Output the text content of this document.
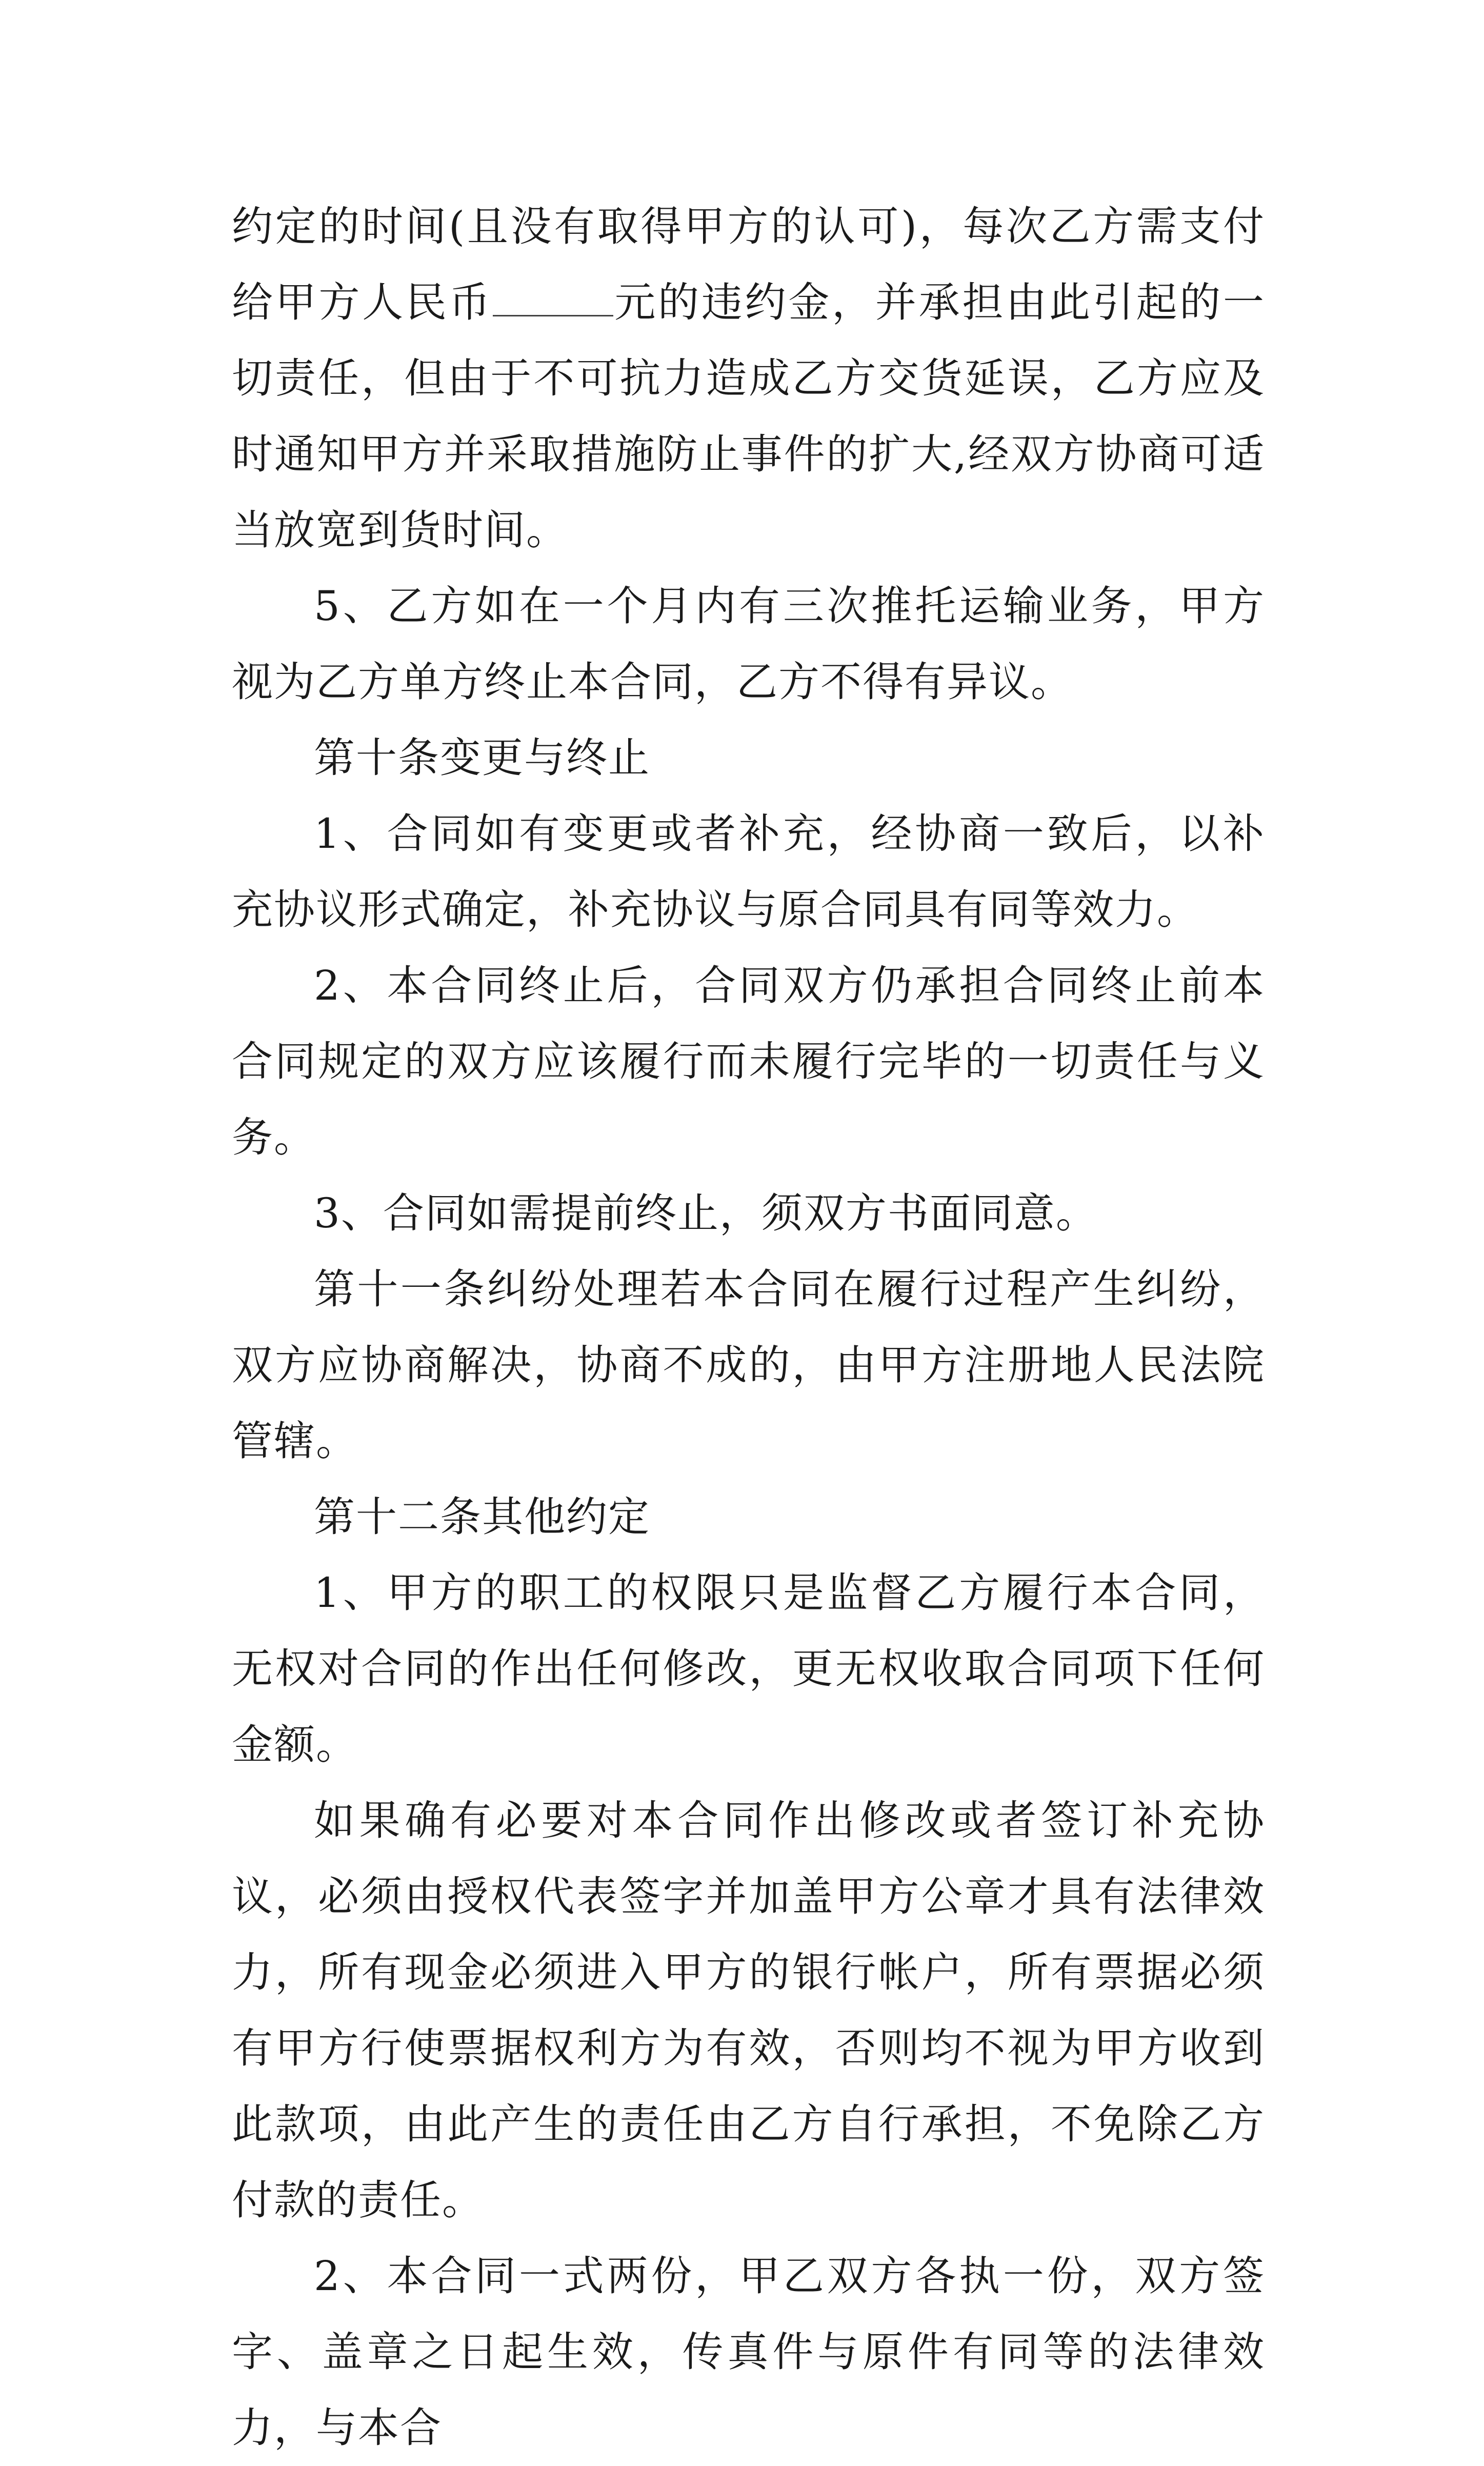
约定的时间(且没有取得甲方的认可)，每次乙方需支付给甲方人民币	元的违约金，并承担由此引起的一切责任，但由于不可抗力造成乙方交货延误，乙方应及时通知甲方并采取措施防止事件的扩大,经双方协商可适当放宽到货时间。

5、乙方如在一个月内有三次推托运输业务，甲方视为乙方单方终止本合同，乙方不得有异议。

第十条变更与终止

1、合同如有变更或者补充，经协商一致后，以补充协议形式确定，补充协议与原合同具有同等效力。

2、本合同终止后，合同双方仍承担合同终止前本合同规定的双方应该履行而未履行完毕的一切责任与义务。

3、合同如需提前终止，须双方书面同意。

第十一条纠纷处理若本合同在履行过程产生纠纷，双方应协商解决，协商不成的，由甲方注册地人民法院管辖。

第十二条其他约定

1、甲方的职工的权限只是监督乙方履行本合同，无权对合同的作出任何修改，更无权收取合同项下任何金额。

如果确有必要对本合同作出修改或者签订补充协议，必须由授权代表签字并加盖甲方公章才具有法律效力，所有现金必须进入甲方的银行帐户，所有票据必须有甲方行使票据权利方为有效，否则均不视为甲方收到此款项，由此产生的责任由乙方自行承担，不免除乙方付款的责任。

2、本合同一式两份，甲乙双方各执一份，双方签字、盖章之日起生效，传真件与原件有同等的法律效力，与本合
